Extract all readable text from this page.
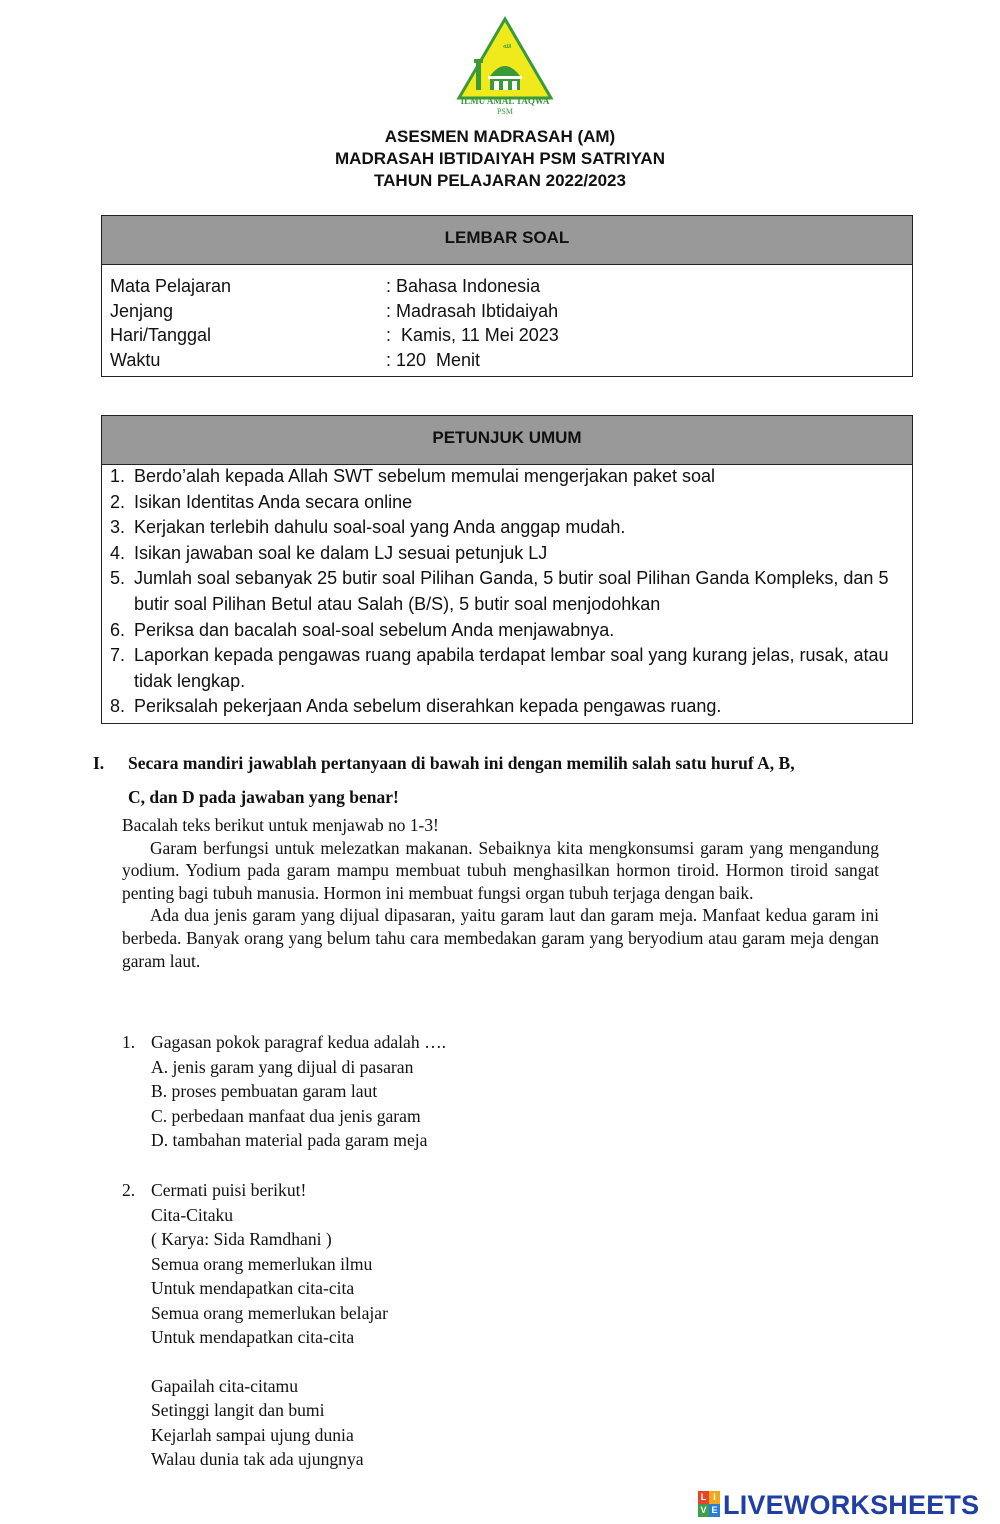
ﷲ
ILMU AMAL TAQWA
PSM
ASESMEN MADRASAH (AM)
MADRASAH IBTIDAIYAH PSM SATRIYAN
TAHUN PELAJARAN 2022/2023
LEMBAR SOAL
Mata Pelajaran	: Bahasa Indonesia
Jenjang	: Madrasah Ibtidaiyah
Hari/Tanggal	:  Kamis, 11 Mei 2023
Waktu	: 120  Menit
PETUNJUK UMUM
1. Berdo’alah kepada Allah SWT sebelum memulai mengerjakan paket soal
2. Isikan Identitas Anda secara online
3. Kerjakan terlebih dahulu soal-soal yang Anda anggap mudah.
4. Isikan jawaban soal ke dalam LJ sesuai petunjuk LJ
5. Jumlah soal sebanyak 25 butir soal Pilihan Ganda, 5 butir soal Pilihan Ganda Kompleks, dan 5 butir soal Pilihan Betul atau Salah (B/S), 5 butir soal menjodohkan
6. Periksa dan bacalah soal-soal sebelum Anda menjawabnya.
7. Laporkan kepada pengawas ruang apabila terdapat lembar soal yang kurang jelas, rusak, atau tidak lengkap.
8. Periksalah pekerjaan Anda sebelum diserahkan kepada pengawas ruang.
I. Secara mandiri jawablah pertanyaan di bawah ini dengan memilih salah satu huruf A, B,
C, dan D pada jawaban yang benar!

Bacalah teks berikut untuk menjawab no 1-3!

Garam berfungsi untuk melezatkan makanan. Sebaiknya kita mengkonsumsi garam yang mengandung yodium. Yodium pada garam mampu membuat tubuh menghasilkan hormon tiroid. Hormon tiroid sangat penting bagi tubuh manusia. Hormon ini membuat fungsi organ tubuh terjaga dengan baik.

Ada dua jenis garam yang dijual dipasaran, yaitu garam laut dan garam meja. Manfaat kedua garam ini berbeda. Banyak orang yang belum tahu cara membedakan garam yang beryodium atau garam meja dengan garam laut.

1. Gagasan pokok paragraf kedua adalah ….
A. jenis garam yang dijual di pasaran
B. proses pembuatan garam laut
C. perbedaan manfaat dua jenis garam
D. tambahan material pada garam meja
2. Cermati puisi berikut!
Cita-Citaku
( Karya: Sida Ramdhani )
Semua orang memerlukan ilmu
Untuk mendapatkan cita-cita
Semua orang memerlukan belajar
Untuk mendapatkan cita-cita
Gapailah cita-citamu
Setinggi langit dan bumi
Kejarlah sampai ujung dunia
Walau dunia tak ada ujungnya
L I
V E LIVEWORKSHEETS
